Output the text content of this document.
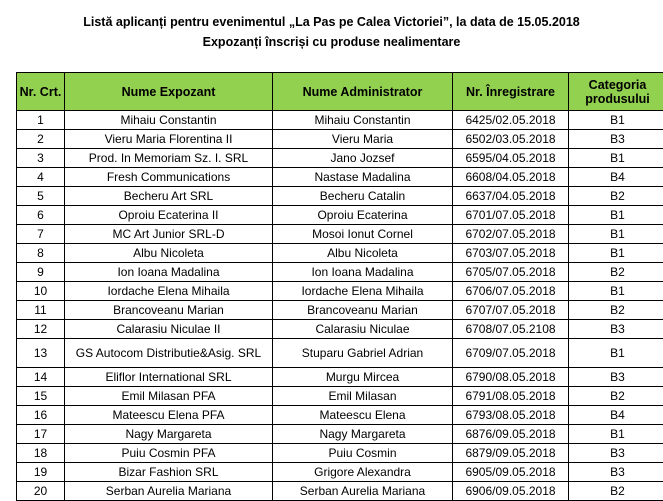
Listă aplicanți pentru evenimentul „La Pas pe Calea Victoriei”, la data de 15.05.2018
Expozanți înscriși cu produse nealimentare
Nr. Crt.	Nume Expozant	Nume Administrator	Nr. Înregistrare	Categoria produsului
1	Mihaiu Constantin	Mihaiu Constantin	6425/02.05.2018	B1
2	Vieru Maria Florentina II	Vieru Maria	6502/03.05.2018	B3
3	Prod. In Memoriam Sz. I. SRL	Jano Jozsef	6595/04.05.2018	B1
4	Fresh Communications	Nastase Madalina	6608/04.05.2018	B4
5	Becheru Art SRL	Becheru Catalin	6637/04.05.2018	B2
6	Oproiu Ecaterina II	Oproiu Ecaterina	6701/07.05.2018	B1
7	MC Art Junior SRL-D	Mosoi Ionut Cornel	6702/07.05.2018	B1
8	Albu Nicoleta	Albu Nicoleta	6703/07.05.2018	B1
9	Ion Ioana Madalina	Ion Ioana Madalina	6705/07.05.2018	B2
10	Iordache Elena Mihaila	Iordache Elena Mihaila	6706/07.05.2018	B1
11	Brancoveanu Marian	Brancoveanu Marian	6707/07.05.2018	B2
12	Calarasiu Niculae II	Calarasiu Niculae	6708/07.05.2108	B3
13	GS Autocom Distributie&Asig. SRL	Stuparu Gabriel Adrian	6709/07.05.2018	B1
14	Eliflor International SRL	Murgu Mircea	6790/08.05.2018	B3
15	Emil Milasan PFA	Emil Milasan	6791/08.05.2018	B2
16	Mateescu Elena PFA	Mateescu Elena	6793/08.05.2018	B4
17	Nagy Margareta	Nagy Margareta	6876/09.05.2018	B1
18	Puiu Cosmin PFA	Puiu Cosmin	6879/09.05.2018	B3
19	Bizar Fashion SRL	Grigore Alexandra	6905/09.05.2018	B3
20	Serban Aurelia Mariana	Serban Aurelia Mariana	6906/09.05.2018	B2
